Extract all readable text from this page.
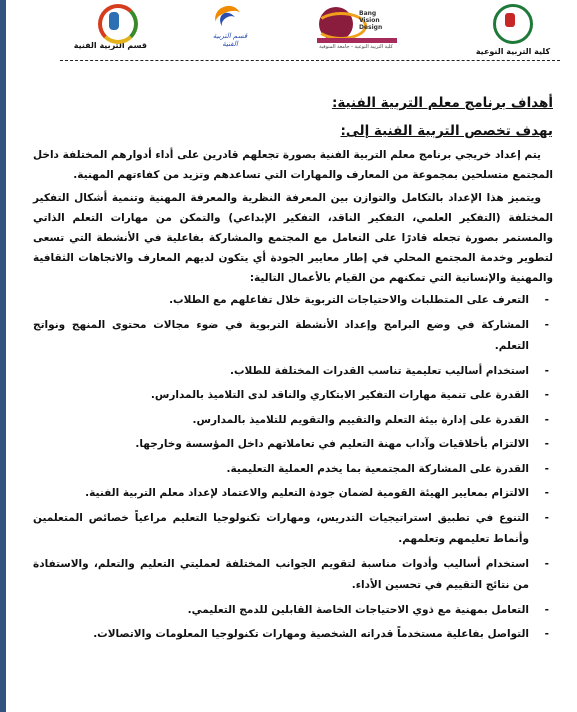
كلية التربية النوعية
Bang
Vision
Design
كلية التربية النوعية - جامعة المنوفية
قسم التربية الفنية
قسم التربية الفنية

أهداف برنامج معلم التربية الفنية:

يهدف تخصص التربية الفنية إلى:

يتم إعداد خريجي برنامج معلم التربية الفنية بصورة تجعلهم قادرين على أداء أدوارهم المختلفة داخل المجتمع متسلحين بمجموعة من المعارف والمهارات التي تساعدهم وتزيد من كفاءتهم المهنية.

ويتميز هذا الإعداد بالتكامل والتوازن بين المعرفة النظرية والمعرفة المهنية وتنمية أشكال التفكير المختلفة (التفكير العلمي، التفكير الناقد، التفكير الإبداعي) والتمكن من مهارات التعلم الذاتي والمستمر بصورة تجعله قادرًا على التعامل مع المجتمع والمشاركة بفاعلية في الأنشطة التي تسعى لتطوير وخدمة المجتمع المحلي في إطار معايير الجودة أي يتكون لديهم المعارف والاتجاهات الثقافية والمهنية والإنسانية التي تمكنهم من القيام بالأعمال التالية:

- التعرف على المتطلبات والاحتياجات التربوية خلال تفاعلهم مع الطلاب.
- المشاركة في وضع البرامج وإعداد الأنشطة التربوية في ضوء مجالات محتوى المنهج ونواتج التعلم.
- استخدام أساليب تعليمية تناسب القدرات المختلفة للطلاب.
- القدرة على تنمية مهارات التفكير الابتكاري والناقد لدى التلاميذ بالمدارس.
- القدرة على إدارة بيئة التعلم والتقييم والتقويم للتلاميذ بالمدارس.
- الالتزام بأخلاقيات وآداب مهنة التعليم في تعاملاتهم داخل المؤسسة وخارجها.
- القدرة على المشاركة المجتمعية بما يخدم العملية التعليمية.
- الالتزام بمعايير الهيئة القومية لضمان جودة التعليم والاعتماد لإعداد معلم التربية الفنية.
- التنوع في تطبيق استراتيجيات التدريس، ومهارات تكنولوجيا التعليم مراعياً خصائص المتعلمين وأنماط تعليمهم وتعلمهم.
- استخدام أساليب وأدوات مناسبة لتقويم الجوانب المختلفة لعمليتي التعليم والتعلم، والاستفادة من نتائج التقييم في تحسين الأداء.
- التعامل بمهنية مع ذوي الاحتياجات الخاصة القابلين للدمج التعليمي.
- التواصل بفاعلية مستخدماً قدراته الشخصية ومهارات تكنولوجيا المعلومات والاتصالات.
